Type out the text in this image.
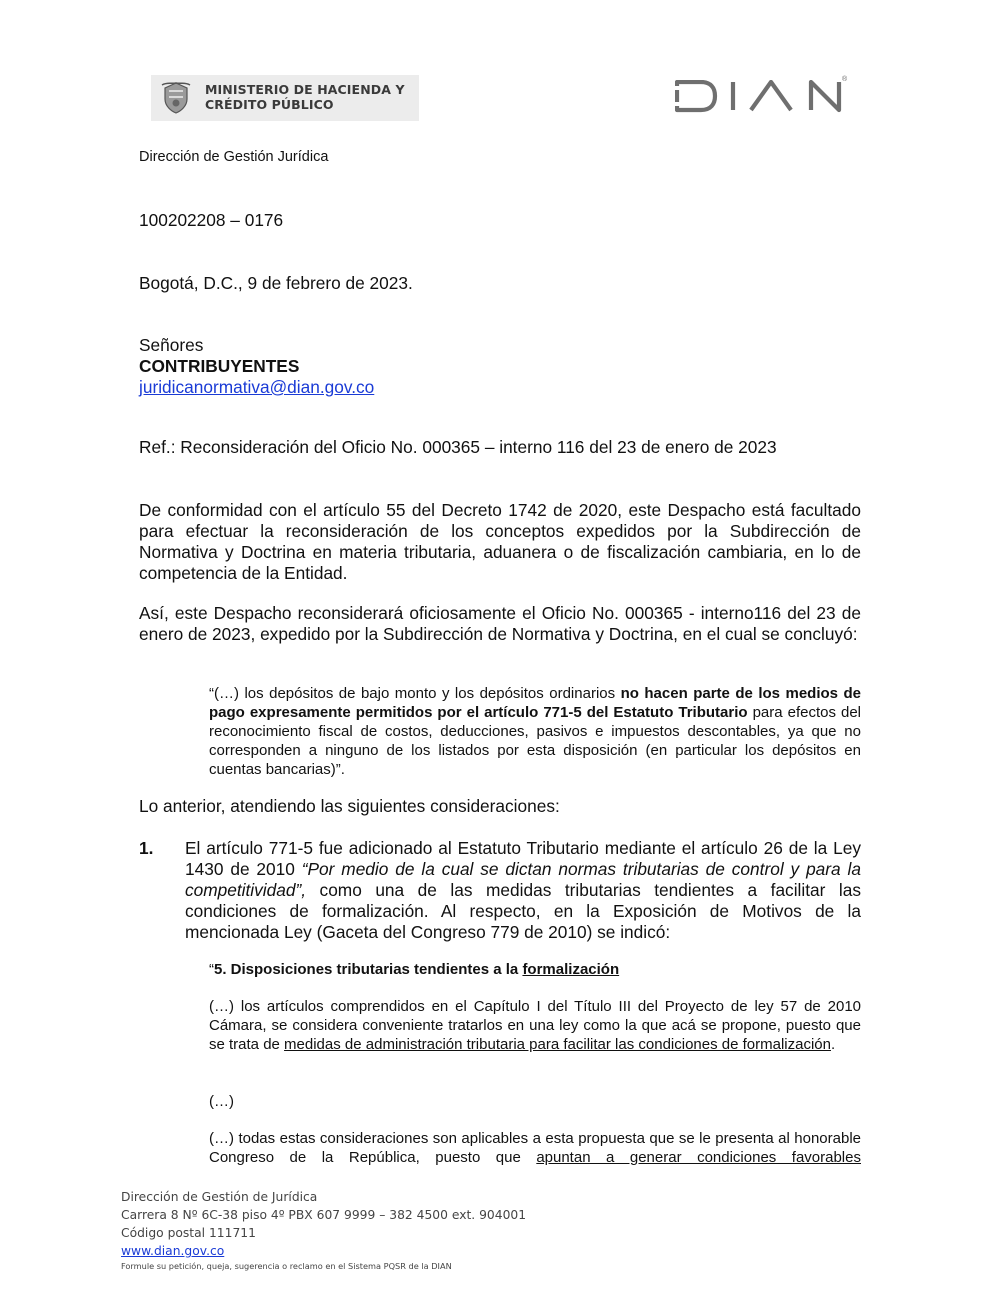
MINISTERIO DE HACIENDA Y
CRÉDITO PÚBLICO
®
Dirección de Gestión Jurídica
100202208 – 0176
Bogotá, D.C., 9 de febrero de 2023.
Señores
CONTRIBUYENTES
juridicanormativa@dian.gov.co
Ref.: Reconsideración del Oficio No. 000365 – interno 116 del 23 de enero de 2023
De conformidad con el artículo 55 del Decreto 1742 de 2020, este Despacho está facultado para efectuar la reconsideración de los conceptos expedidos por la Subdirección de Normativa y Doctrina en materia tributaria, aduanera o de fiscalización cambiaria, en lo de competencia de la Entidad.
Así, este Despacho reconsiderará oficiosamente el Oficio No. 000365 - interno116 del 23 de enero de 2023, expedido por la Subdirección de Normativa y Doctrina, en el cual se concluyó:
“(…) los depósitos de bajo monto y los depósitos ordinarios no hacen parte de los medios de pago expresamente permitidos por el artículo 771-5 del Estatuto Tributario para efectos del reconocimiento fiscal de costos, deducciones, pasivos e impuestos descontables, ya que no corresponden a ninguno de los listados por esta disposición (en particular los depósitos en cuentas bancarias)”.
Lo anterior, atendiendo las siguientes consideraciones:
1. El artículo 771-5 fue adicionado al Estatuto Tributario mediante el artículo 26 de la Ley 1430 de 2010 “Por medio de la cual se dictan normas tributarias de control y para la competitividad”, como una de las medidas tributarias tendientes a facilitar las condiciones de formalización. Al respecto, en la Exposición de Motivos de la mencionada Ley (Gaceta del Congreso 779 de 2010) se indicó:
“5. Disposiciones tributarias tendientes a la formalización
(…) los artículos comprendidos en el Capítulo I del Título III del Proyecto de ley 57 de 2010 Cámara, se considera conveniente tratarlos en una ley como la que acá se propone, puesto que se trata de medidas de administración tributaria para facilitar las condiciones de formalización.
(…)
(…) todas estas consideraciones son aplicables a esta propuesta que se le presenta al honorable Congreso de la República, puesto que apuntan a generar condiciones favorables
Dirección de Gestión de Jurídica
Carrera 8 Nº 6C-38 piso 4º PBX 607 9999 – 382 4500 ext. 904001
Código postal 111711
www.dian.gov.co
Formule su petición, queja, sugerencia o reclamo en el Sistema PQSR de la DIAN
